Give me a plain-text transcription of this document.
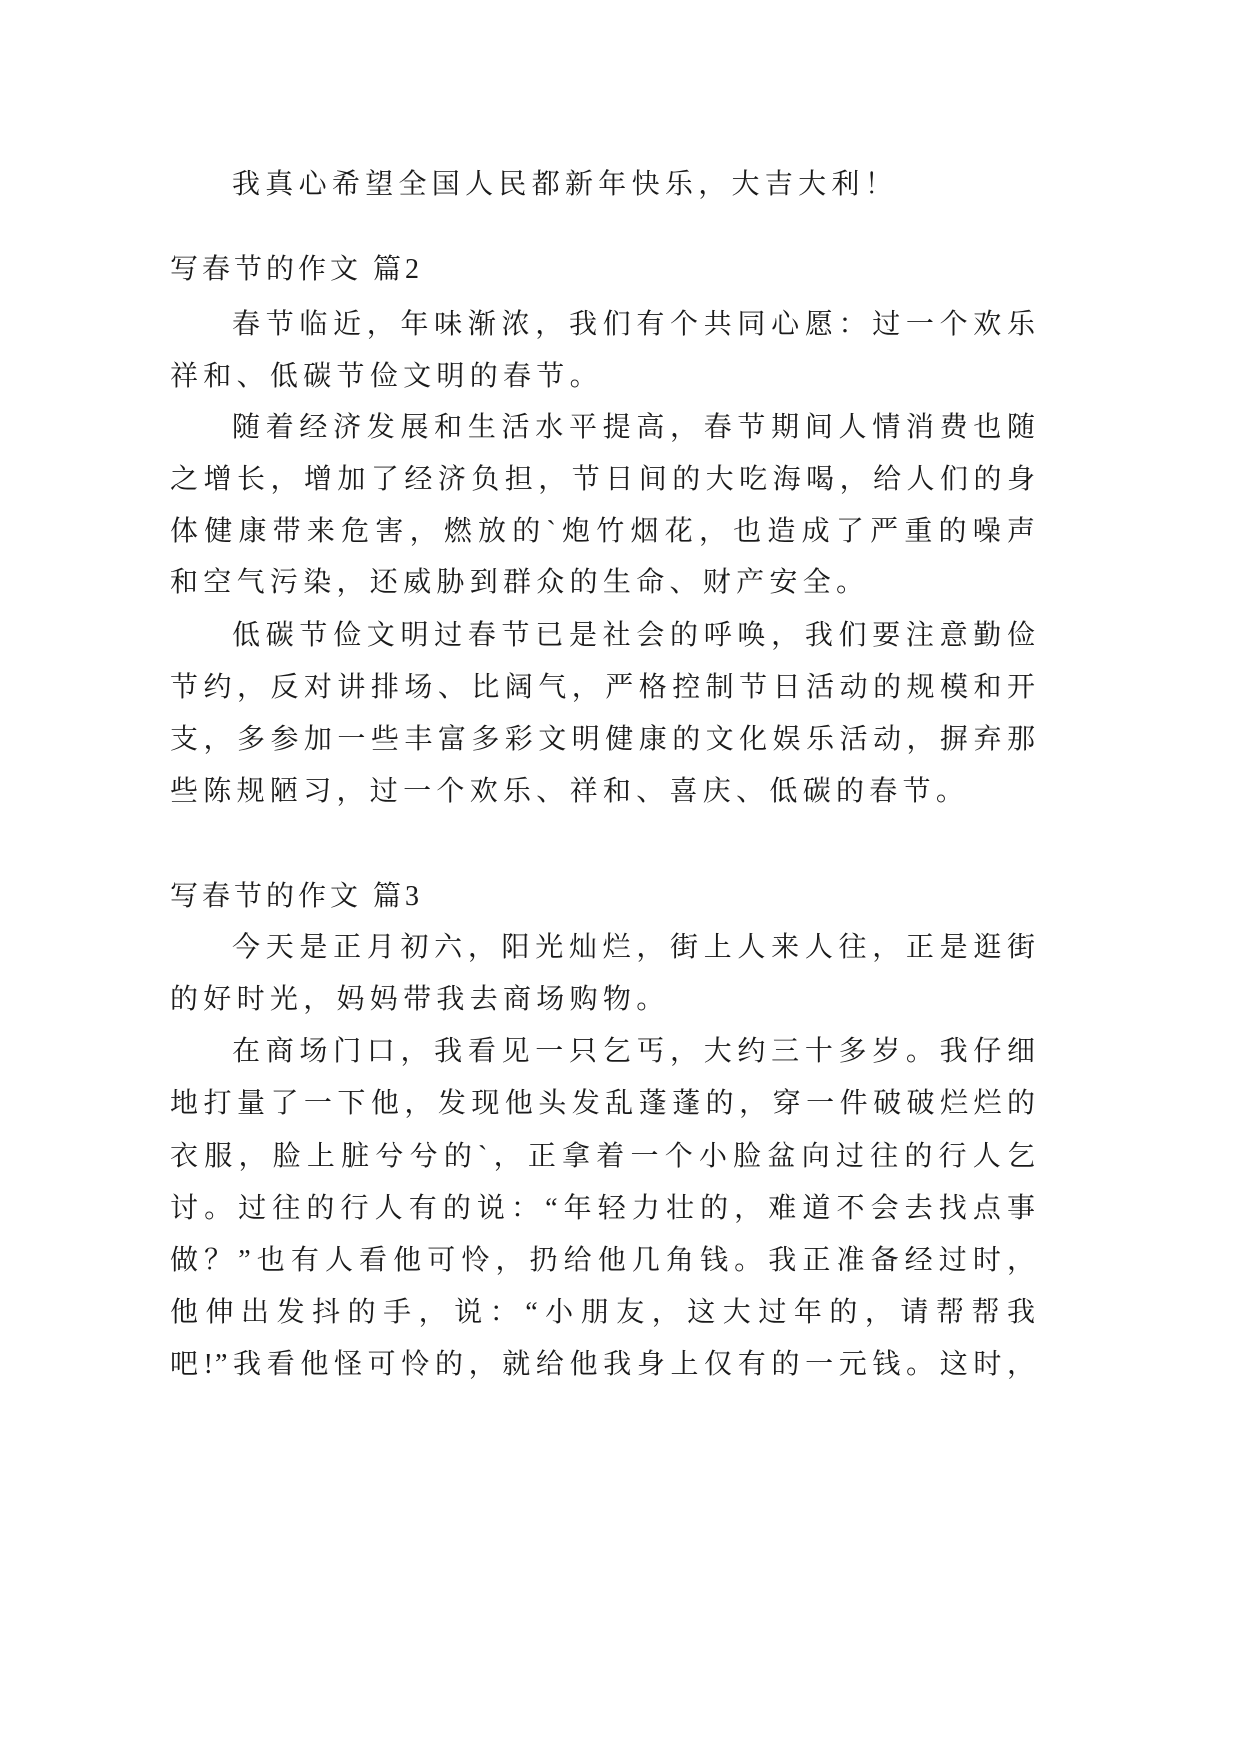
我真心希望全国人民都新年快乐，大吉大利！
写春节的作文 篇2
春节临近，年味渐浓，我们有个共同心愿：过一个欢乐
祥和、低碳节俭文明的春节。
随着经济发展和生活水平提高，春节期间人情消费也随
之增长，增加了经济负担，节日间的大吃海喝，给人们的身
体健康带来危害，燃放的`炮竹烟花，也造成了严重的噪声
和空气污染，还威胁到群众的生命、财产安全。
低碳节俭文明过春节已是社会的呼唤，我们要注意勤俭
节约，反对讲排场、比阔气，严格控制节日活动的规模和开
支，多参加一些丰富多彩文明健康的文化娱乐活动，摒弃那
些陈规陋习，过一个欢乐、祥和、喜庆、低碳的春节。
写春节的作文 篇3
今天是正月初六，阳光灿烂，街上人来人往，正是逛街
的好时光，妈妈带我去商场购物。
在商场门口，我看见一只乞丐，大约三十多岁。我仔细
地打量了一下他，发现他头发乱蓬蓬的，穿一件破破烂烂的
衣服，脸上脏兮兮的`，正拿着一个小脸盆向过往的行人乞
讨。过往的行人有的说：“年轻力壮的，难道不会去找点事
做？”也有人看他可怜，扔给他几角钱。我正准备经过时，
他伸出发抖的手，说：“小朋友，这大过年的，请帮帮我
吧!”我看他怪可怜的，就给他我身上仅有的一元钱。这时，
